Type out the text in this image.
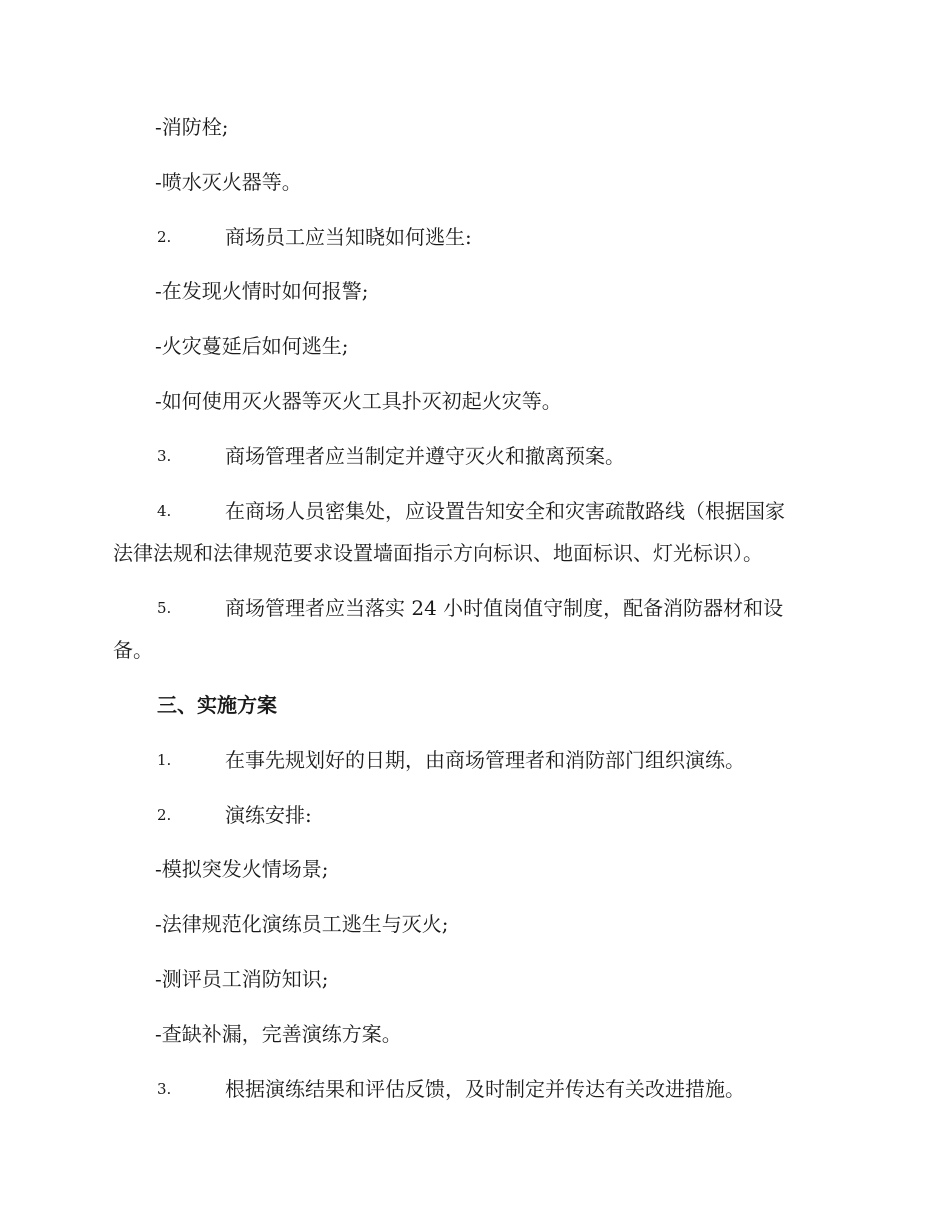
-消防栓;
-喷水灭火器等。
2.	商场员工应当知晓如何逃生:
-在发现火情时如何报警;
-火灾蔓延后如何逃生;
-如何使用灭火器等灭火工具扑灭初起火灾等。
3.	商场管理者应当制定并遵守灭火和撤离预案。
4.	在商场人员密集处，应设置告知安全和灾害疏散路线（根据国家
法律法规和法律规范要求设置墙面指示方向标识、地面标识、灯光标识）。
5.	商场管理者应当落实 24 小时值岗值守制度，配备消防器材和设
备。
三、实施方案
1.	在事先规划好的日期，由商场管理者和消防部门组织演练。
2.	演练安排:
-模拟突发火情场景;
-法律规范化演练员工逃生与灭火;
-测评员工消防知识;
-查缺补漏，完善演练方案。
3.	根据演练结果和评估反馈，及时制定并传达有关改进措施。
